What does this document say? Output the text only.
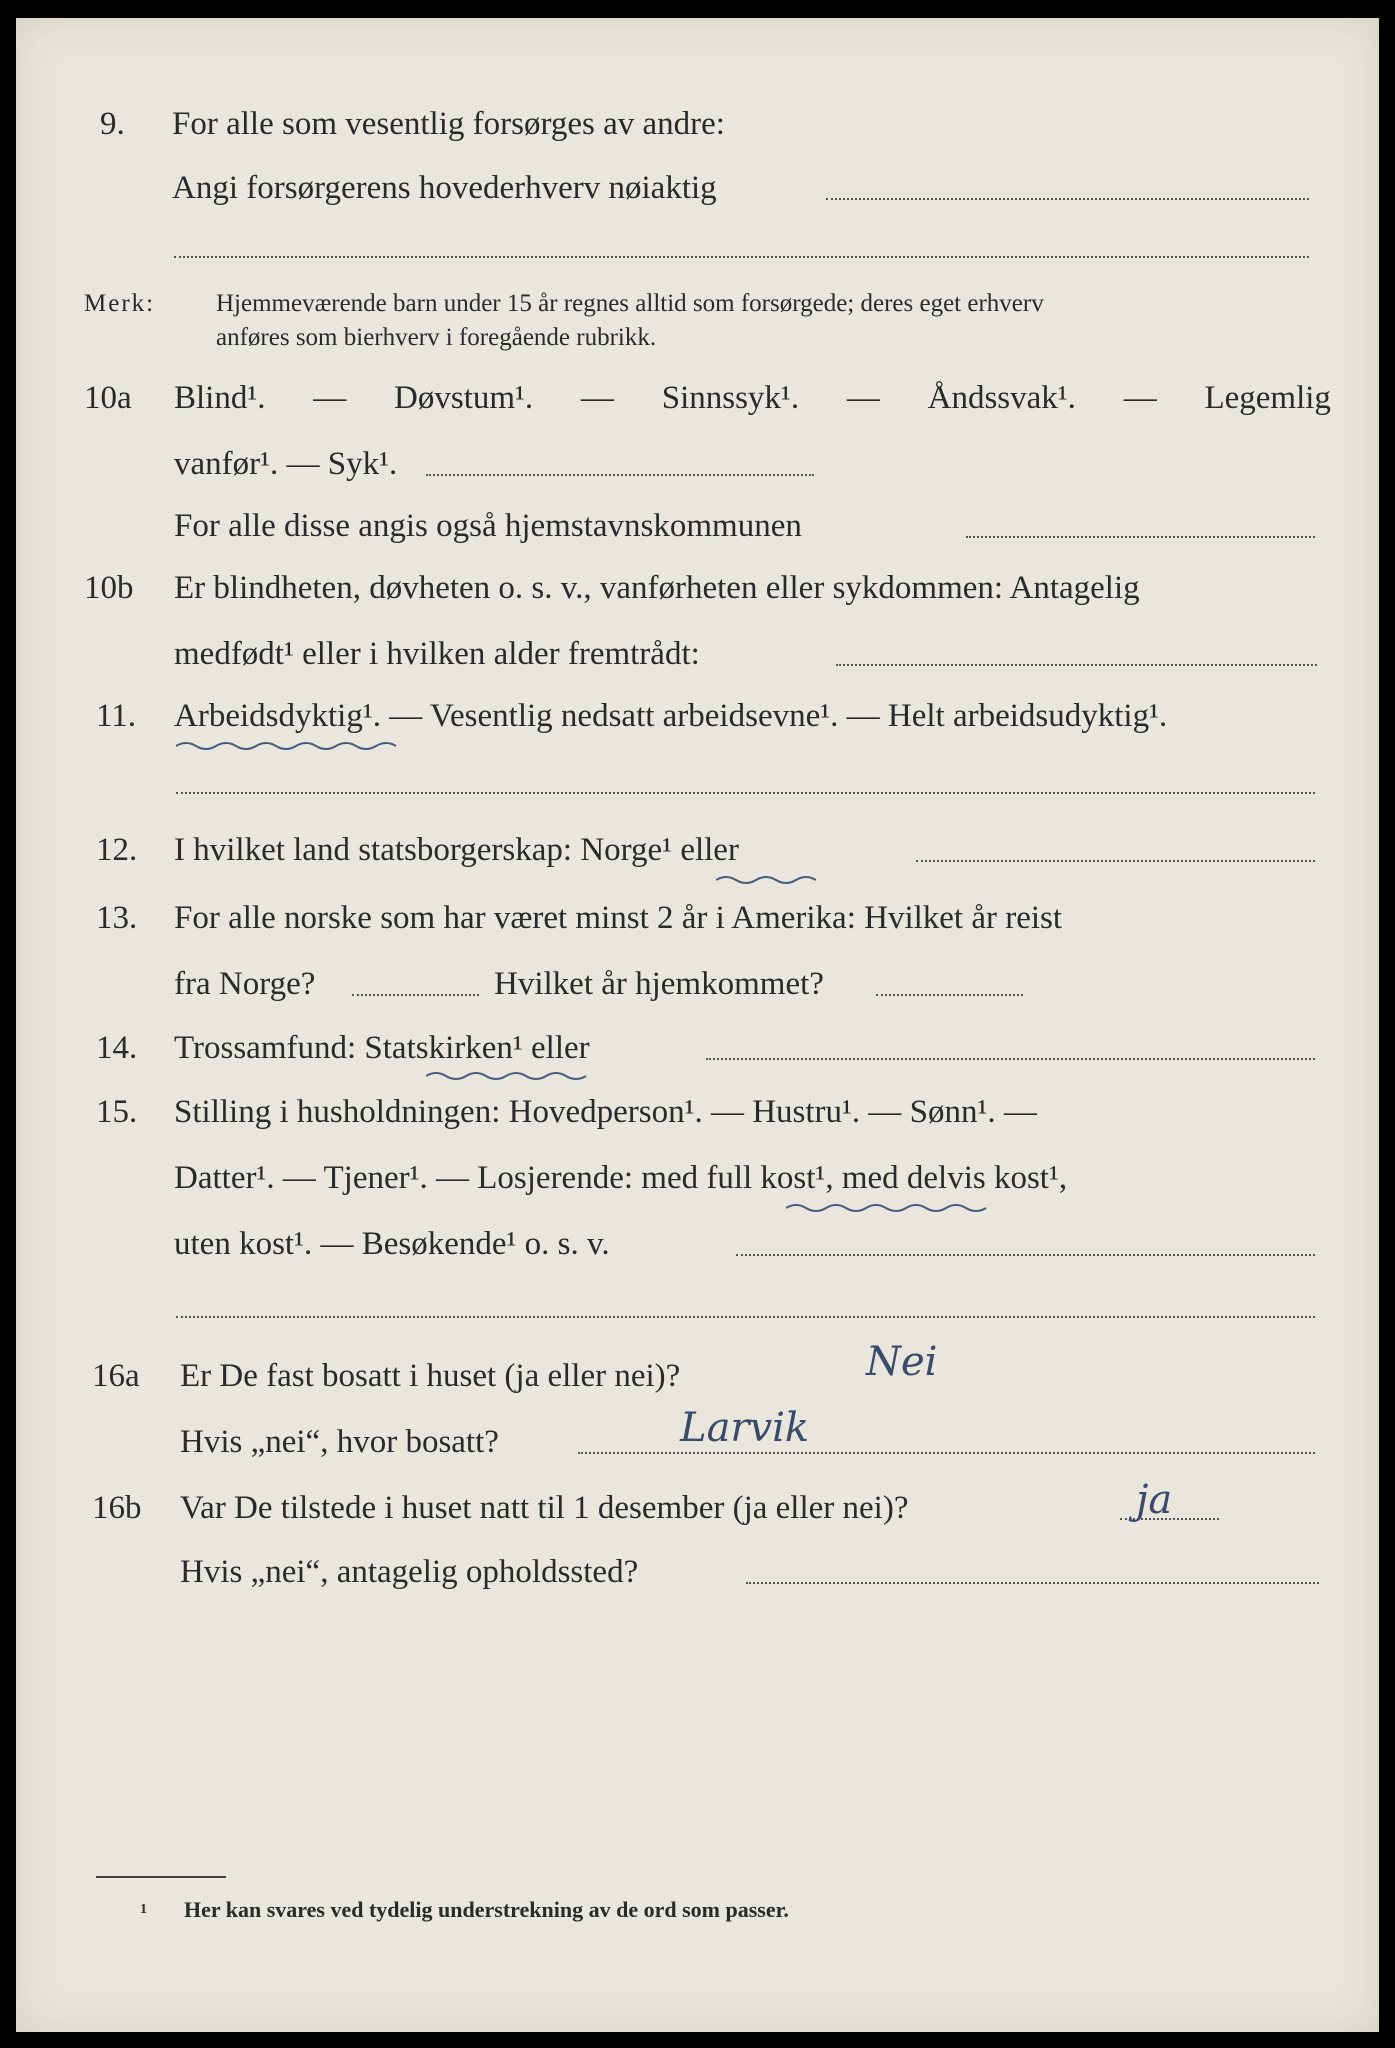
9. For alle som vesentlig forsørges av andre:
Angi forsørgerens hovederhverv nøiaktig
Merk: Hjemmeværende barn under 15 år regnes alltid som forsørgede; deres eget erhverv
anføres som bierhverv i foregående rubrikk.
10a Blind¹. — Døvstum¹. — Sinnssyk¹. — Åndssvak¹. — Legemlig
vanfør¹. — Syk¹.
For alle disse angis også hjemstavnskommunen
10b Er blindheten, døvheten o. s. v., vanførheten eller sykdommen: Antagelig
medfødt¹ eller i hvilken alder fremtrådt:
11. Arbeidsdyktig¹. — Vesentlig nedsatt arbeidsevne¹. — Helt arbeidsudyktig¹.
12. I hvilket land statsborgerskap: Norge¹ eller
13. For alle norske som har været minst 2 år i Amerika: Hvilket år reist
fra Norge?	Hvilket år hjemkommet?
14. Trossamfund: Statskirken¹ eller
15. Stilling i husholdningen: Hovedperson¹. — Hustru¹. — Sønn¹. —
Datter¹. — Tjener¹. — Losjerende: med full kost¹, med delvis kost¹,
uten kost¹. — Besøkende¹ o. s. v.
16a Er De fast bosatt i huset (ja eller nei)?	Nei
Hvis „nei“, hvor bosatt?	Larvik
16b Var De tilstede i huset natt til 1 desember (ja eller nei)?	ja
Hvis „nei“, antagelig opholdssted?
1 Her kan svares ved tydelig understrekning av de ord som passer.
